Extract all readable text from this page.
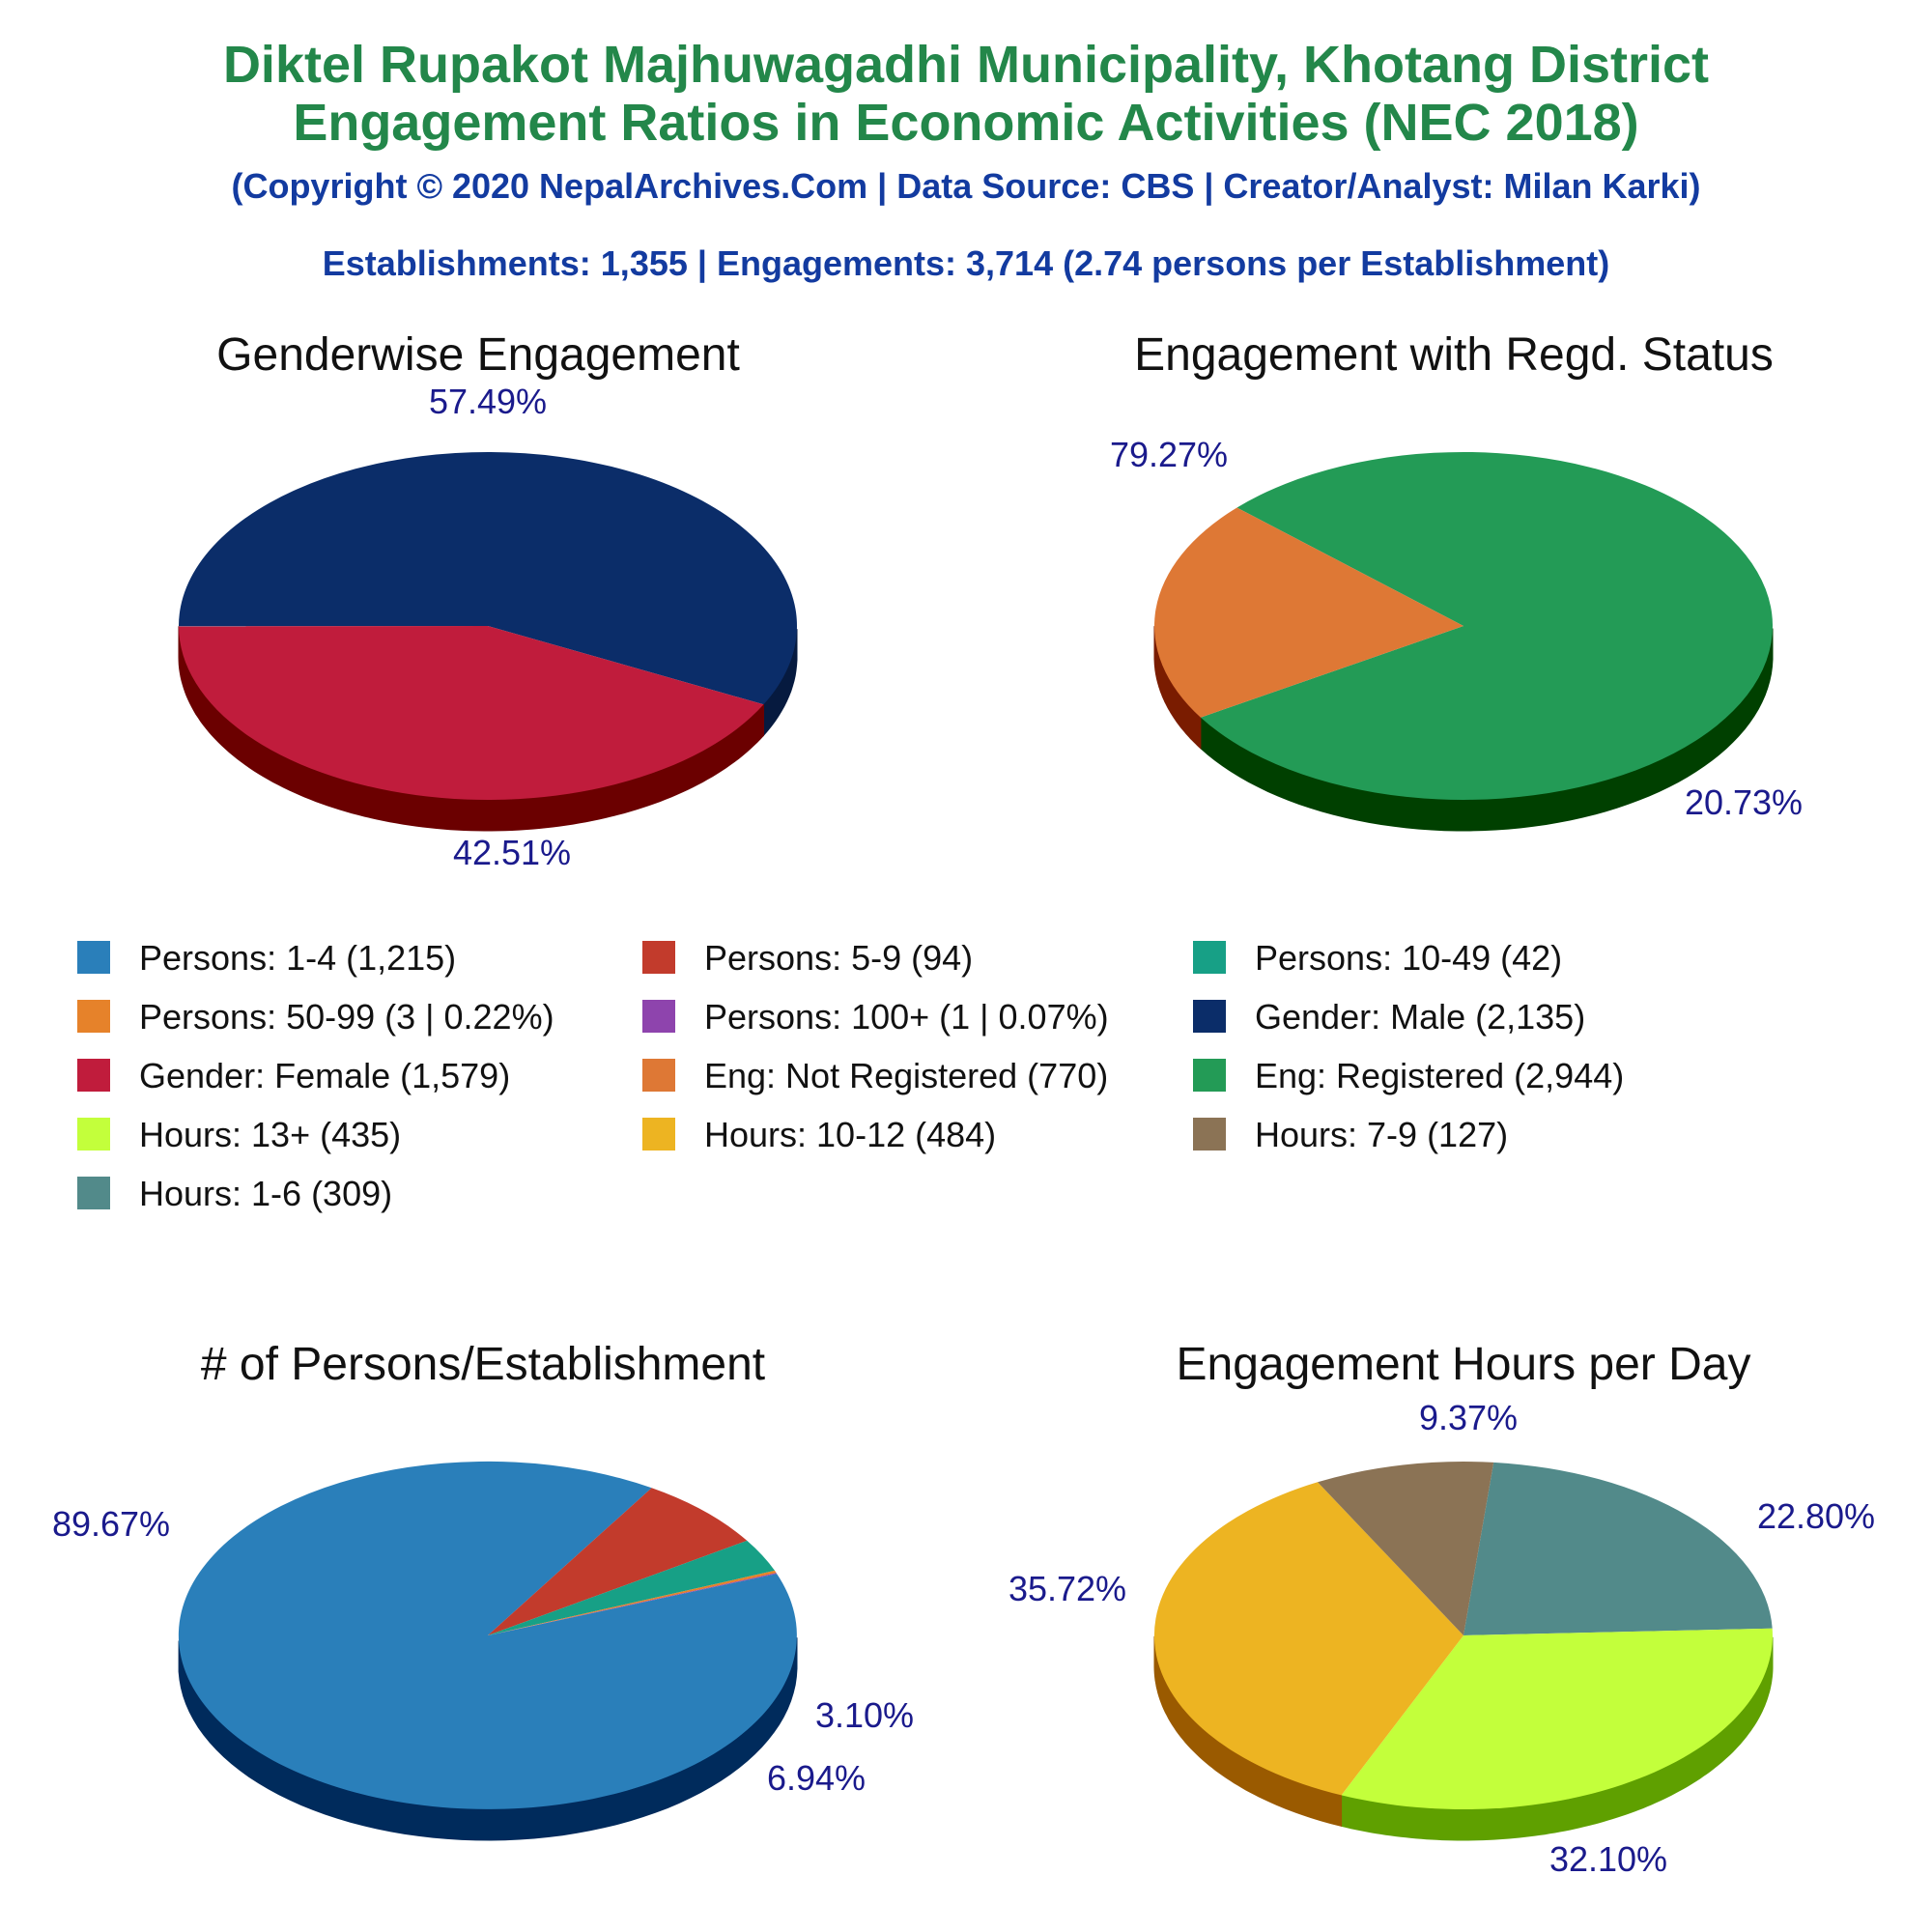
Diktel Rupakot Majhuwagadhi Municipality, Khotang District
Engagement Ratios in Economic Activities (NEC 2018)
(Copyright © 2020 NepalArchives.Com | Data Source: CBS | Creator/Analyst: Milan Karki)
Establishments: 1,355 | Engagements: 3,714 (2.74 persons per Establishment)
Genderwise Engagement	Engagement with Regd. Status
# of Persons/Establishment	Engagement Hours per Day
57.49%
42.51%
79.27%
20.73%
89.67%
6.94%
3.10%
22.80%
32.10%
35.72%
9.37%
Persons: 1-4 (1,215)	Persons: 5-9 (94)	Persons: 10-49 (42)
Persons: 50-99 (3 | 0.22%)	Persons: 100+ (1 | 0.07%)	Gender: Male (2,135)
Gender: Female (1,579)	Eng: Not Registered (770)	Eng: Registered (2,944)
Hours: 13+ (435)	Hours: 10-12 (484)	Hours: 7-9 (127)
Hours: 1-6 (309)
